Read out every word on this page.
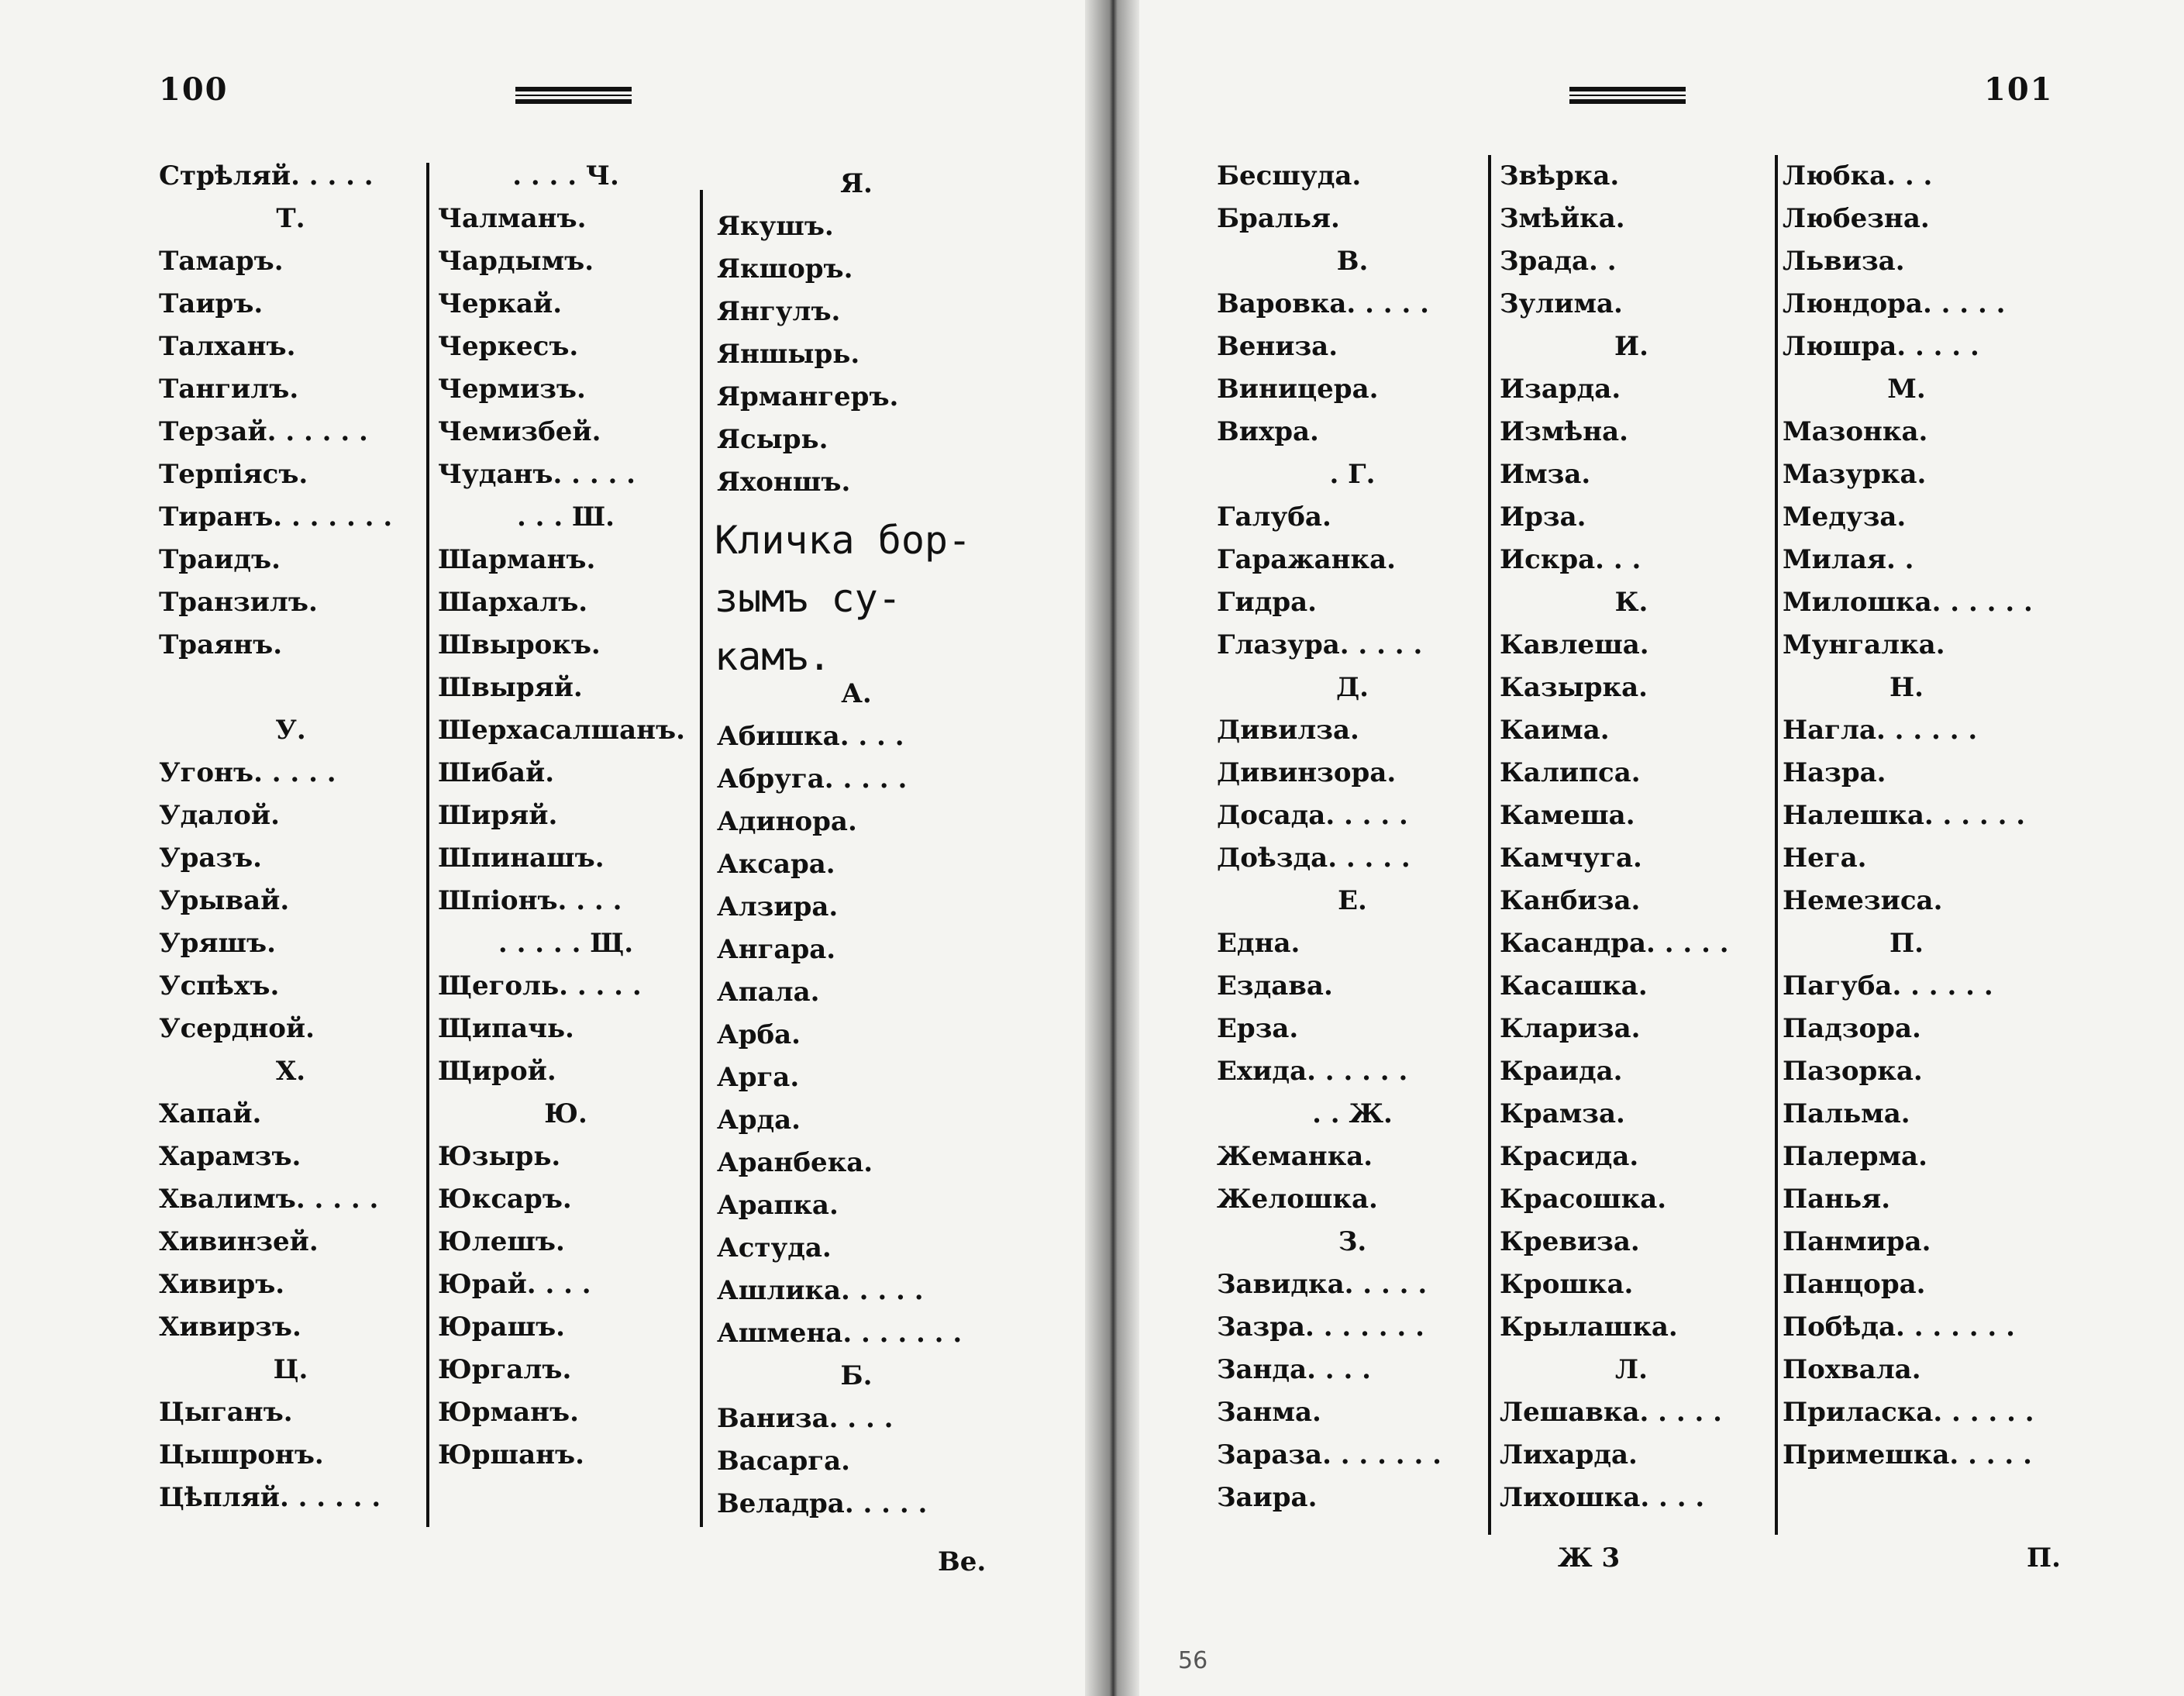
100
Стрѣляй. . . . .
Т.
Тамаръ.
Таиръ.
Талханъ.
Тангилъ.
Терзай. . . . . .
Терпiясъ.
Тиранъ. . . . . . .
Траидъ.
Транзилъ.
Траянъ.
У.
Угонъ. . . . .
Удалой.
Уразъ.
Урывай.
Уряшъ.
Успѣхъ.
Усердной.
Х.
Хапай.
Харамзъ.
Хвалимъ. . . . .
Хивинзей.
Хивиръ.
Хивирзъ.
Ц.
Цыганъ.
Цышронъ.
Цѣпляй. . . . . .
. . . . Ч.
Чалманъ.
Чардымъ.
Черкай.
Черкесъ.
Чермизъ.
Чемизбей.
Чуданъ. . . . .
. . . Ш.
Шарманъ.
Шархалъ.
Швырокъ.
Швыряй.
Шерхасалшанъ.
Шибай.
Ширяй.
Шпинашъ.
Шпiонъ. . . .
. . . . . Щ.
Щеголь. . . . .
Щипачь.
Щирой.
Ю.
Юзырь.
Юксаръ.
Юлешъ.
Юрай. . . .
Юрашъ.
Юргалъ.
Юрманъ.
Юршанъ.
Я.
Якушъ.
Якшоръ.
Янгулъ.
Яншырь.
Ярмангеръ.
Ясырь.
Яхоншъ.
Кличка бор-
зымъ су-
камъ.
А.
Абишка. . . .
Абруга. . . . .
Адинора.
Аксара.
Алзира.
Ангара.
Апала.
Арба.
Арга.
Арда.
Аранбека.
Арапка.
Астуда.
Ашлика. . . . .
Ашмена. . . . . . .
Б.
Ваниза. . . .
Васарга.
Веладра. . . . .
Ве.
101
Бесшуда.
Бралья.
В.
Варовка. . . . .
Вениза.
Виницера.
Вихра.
. Г.
Галуба.
Гаражанка.
Гидра.
Глазура. . . . .
Д.
Дивилза.
Дивинзора.
Досада. . . . .
Доѣзда. . . . .
Е.
Една.
Ездава.
Ерза.
Ехида. . . . . .
. . Ж.
Жеманка.
Желошка.
З.
Завидка. . . . .
Зазра. . . . . . .
Занда. . . .
Занма.
Зараза. . . . . . .
Заира.
Звѣрка.
Змѣйка.
Зрада. .
Зулима.
И.
Изарда.
Измѣна.
Имза.
Ирза.
Искра. . .
К.
Кавлеша.
Казырка.
Каима.
Калипса.
Камеша.
Камчуга.
Канбиза.
Касандра. . . . .
Касашка.
Клариза.
Краида.
Крамза.
Красида.
Красошка.
Кревиза.
Крошка.
Крылашка.
Л.
Лешавка. . . . .
Лихарда.
Лихошка. . . .
Любка. . .
Любезна.
Львиза.
Люндора. . . . .
Люшра. . . . .
М.
Мазонка.
Мазурка.
Медуза.
Милая. .
Милошка. . . . . .
Мунгалка.
Н.
Нагла. . . . . .
Назра.
Налешка. . . . . .
Нега.
Немезиса.
П.
Пагуба. . . . . .
Падзора.
Пазорка.
Пальма.
Палерма.
Панья.
Панмира.
Панцора.
Побѣда. . . . . . .
Похвала.
Приласка. . . . . .
Примешка. . . . .
Ж 3	П.
56
